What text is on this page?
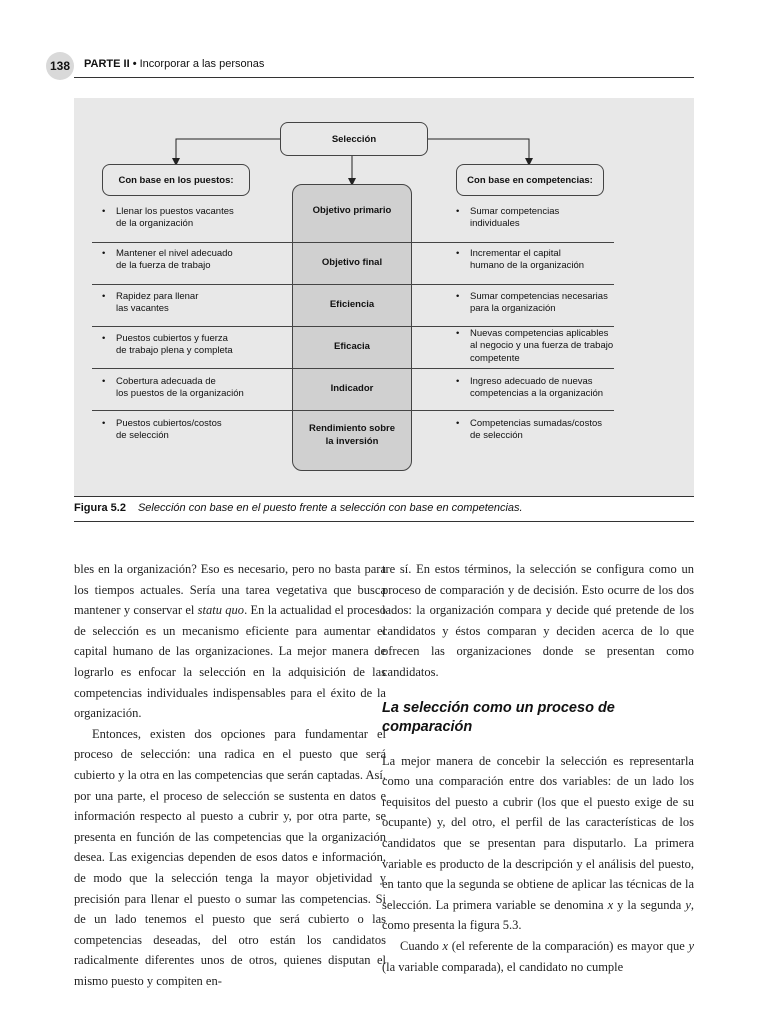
138	PARTE II • Incorporar a las personas
Selección
Con base en los puestos:	Con base en competencias:
Objetivo primario
Objetivo final
Eficiencia
Eficacia
Indicador
Rendimiento sobre la inversión
• Llenar los puestos vacantes
de la organización
• Mantener el nivel adecuado
de la fuerza de trabajo
• Rapidez para llenar
las vacantes
• Puestos cubiertos y fuerza
de trabajo plena y completa
• Cobertura adecuada de
los puestos de la organización
• Puestos cubiertos/costos
de selección
• Sumar competencias
individuales
• Incrementar el capital
humano de la organización
• Sumar competencias necesarias
para la organización
• Nuevas competencias aplicables
al negocio y una fuerza de trabajo
competente
• Ingreso adecuado de nuevas
competencias a la organización
• Competencias sumadas/costos
de selección
Figura 5.2 Selección con base en el puesto frente a selección con base en competencias.

bles en la organización? Eso es necesario, pero no basta para los tiempos actuales. Sería una tarea vegetativa que busca mantener y conservar el statu quo. En la actualidad el proceso de selección es un mecanismo eficiente para aumentar el capital humano de las organizaciones. La mejor manera de lograrlo es enfocar la selección en la adquisición de las competencias individuales indispensables para el éxito de la organización.

Entonces, existen dos opciones para fundamentar el proceso de selección: una radica en el puesto que será cubierto y la otra en las competencias que serán captadas. Así, por una parte, el proceso de selección se sustenta en datos e información respecto al puesto a cubrir y, por otra parte, se presenta en función de las competencias que la organización desea. Las exigencias dependen de esos datos e información, de modo que la selección tenga la mayor objetividad y precisión para llenar el puesto o sumar las competencias. Si de un lado tenemos el puesto que será cubierto o las competencias deseadas, del otro están los candidatos radicalmente diferentes unos de otros, quienes disputan el mismo puesto y compiten en-

tre sí. En estos términos, la selección se configura como un proceso de comparación y de decisión. Esto ocurre de los dos lados: la organización compara y decide qué pretende de los candidatos y éstos comparan y deciden acerca de lo que ofrecen las organizaciones donde se presentan como candidatos.

La selección como un proceso de comparación

La mejor manera de concebir la selección es representarla como una comparación entre dos variables: de un lado los requisitos del puesto a cubrir (los que el puesto exige de su ocupante) y, del otro, el perfil de las características de los candidatos que se presentan para disputarlo. La primera variable es producto de la descripción y el análisis del puesto, en tanto que la segunda se obtiene de aplicar las técnicas de la selección. La primera variable se denomina x y la segunda y, como presenta la figura 5.3.

Cuando x (el referente de la comparación) es mayor que y (la variable comparada), el candidato no cumple
